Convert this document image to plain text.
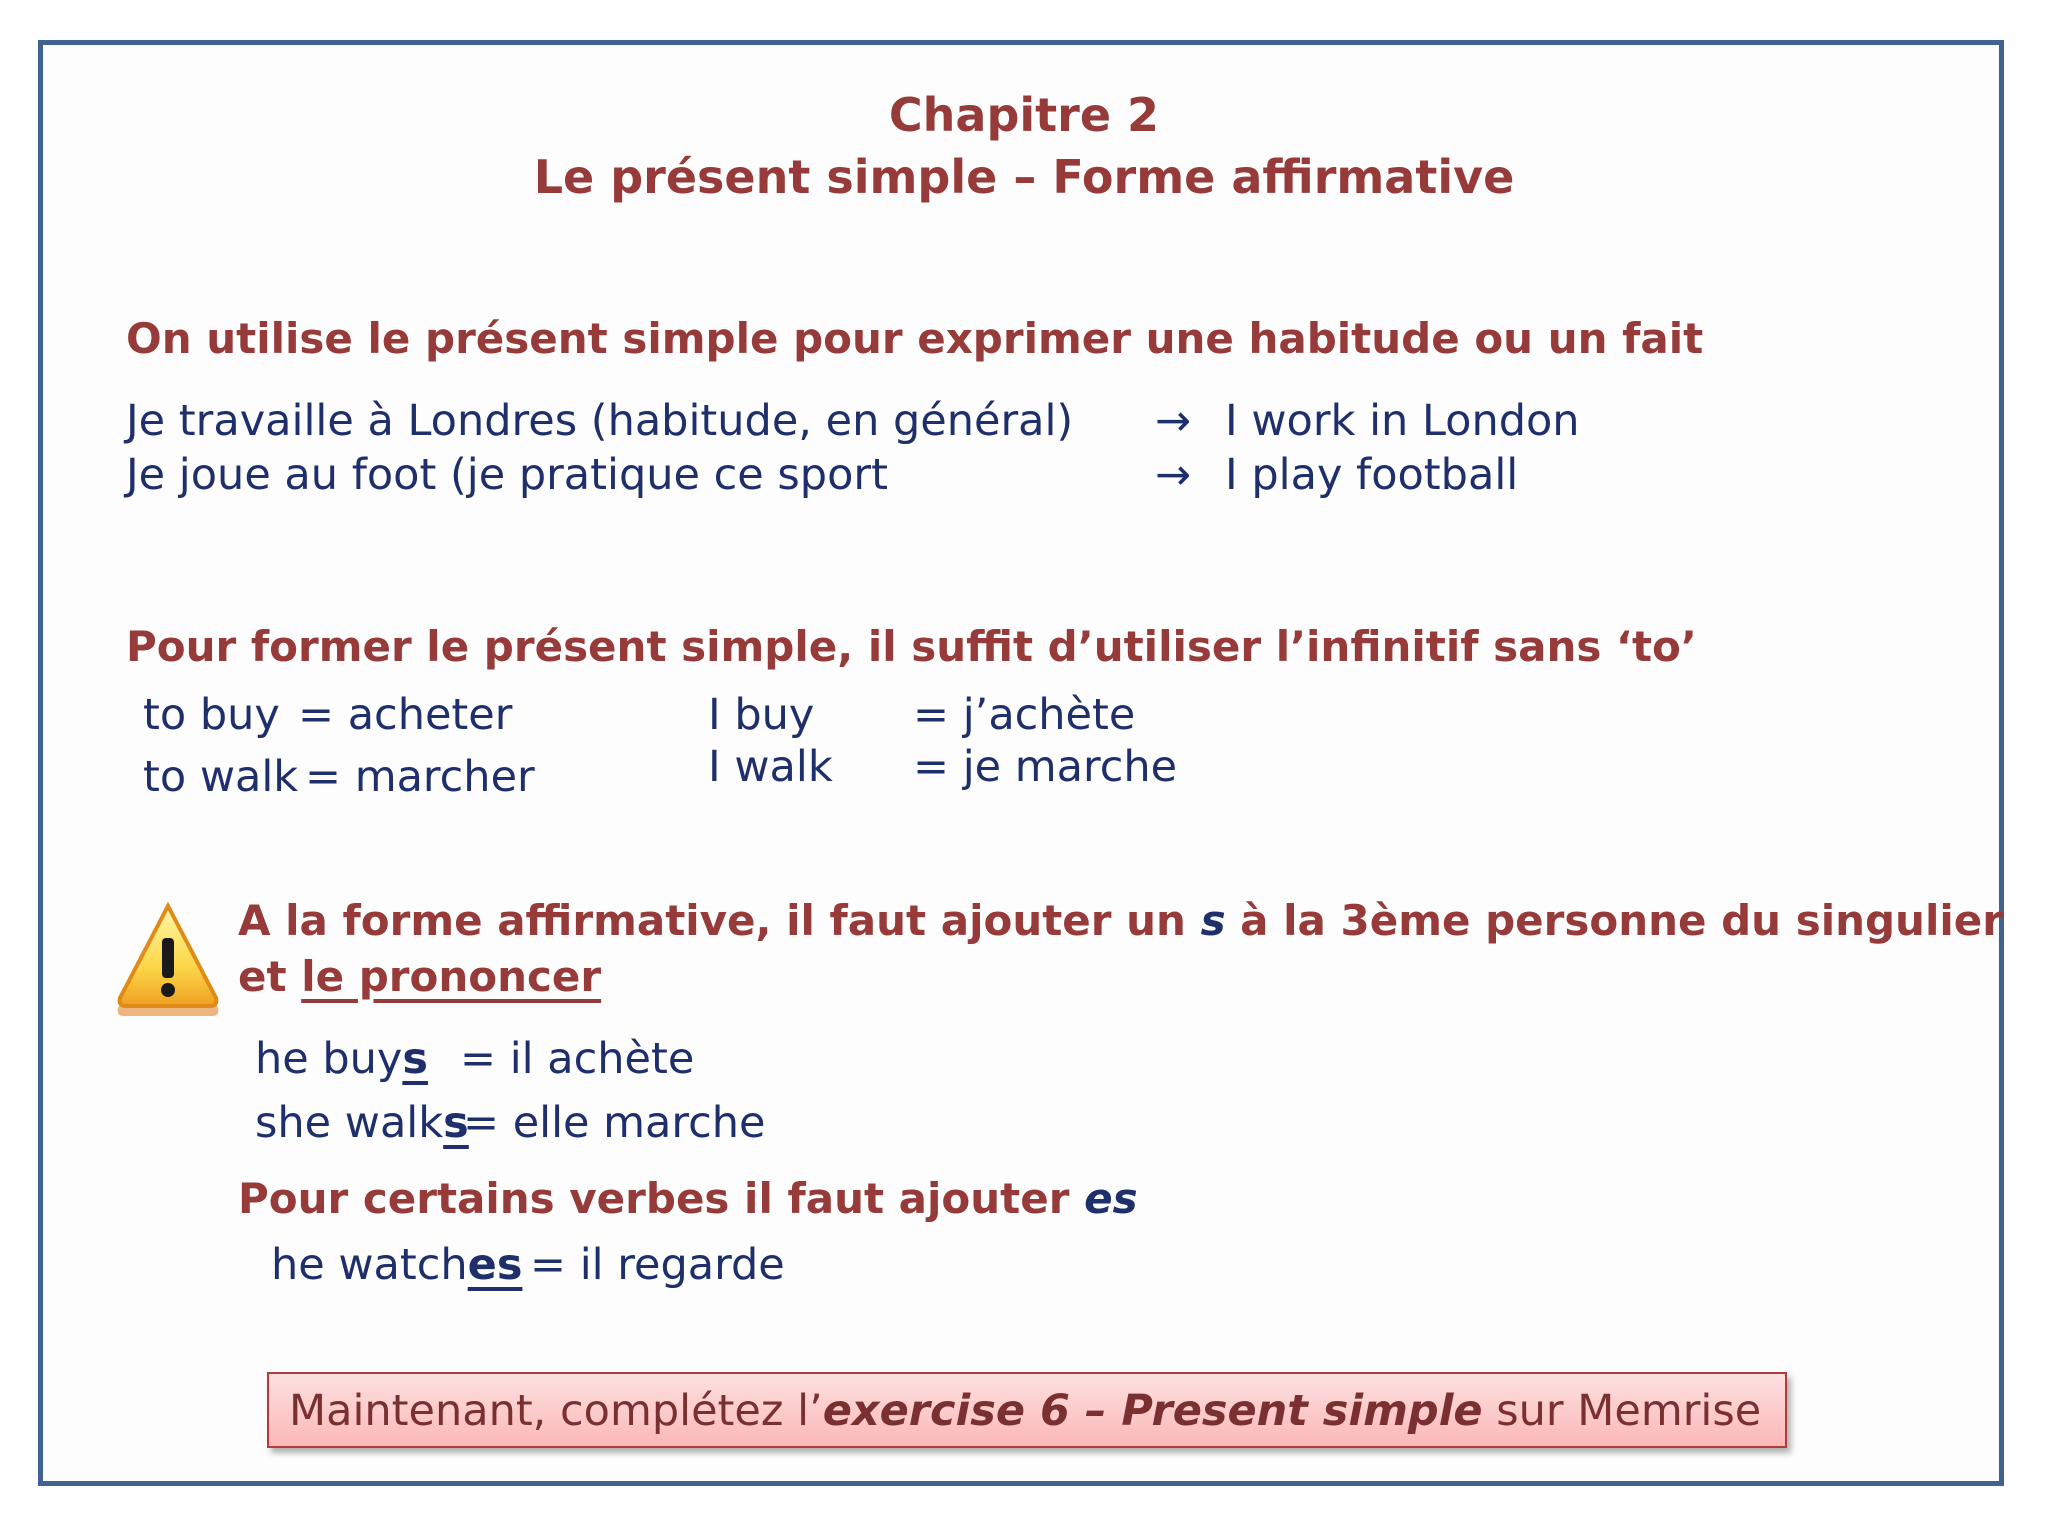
Chapitre 2
Le présent simple – Forme affirmative
On utilise le présent simple pour exprimer une habitude ou un fait
Je travaille à Londres (habitude, en général) → I work in London
Je joue au foot (je pratique ce sport	→ I play football
Pour former le présent simple, il suffit d’utiliser l’infinitif sans ‘to’
to buy = acheter
to walk = marcher
I buy = j’achète
I walk = je marche
A la forme affirmative, il faut ajouter un s à la 3ème personne du singulier
et le prononcer
he buys = il achète
she walks
= elle marche
Pour certains verbes il faut ajouter es
he watches = il regarde
Maintenant, complétez l’exercise 6 – Present simple sur Memrise
